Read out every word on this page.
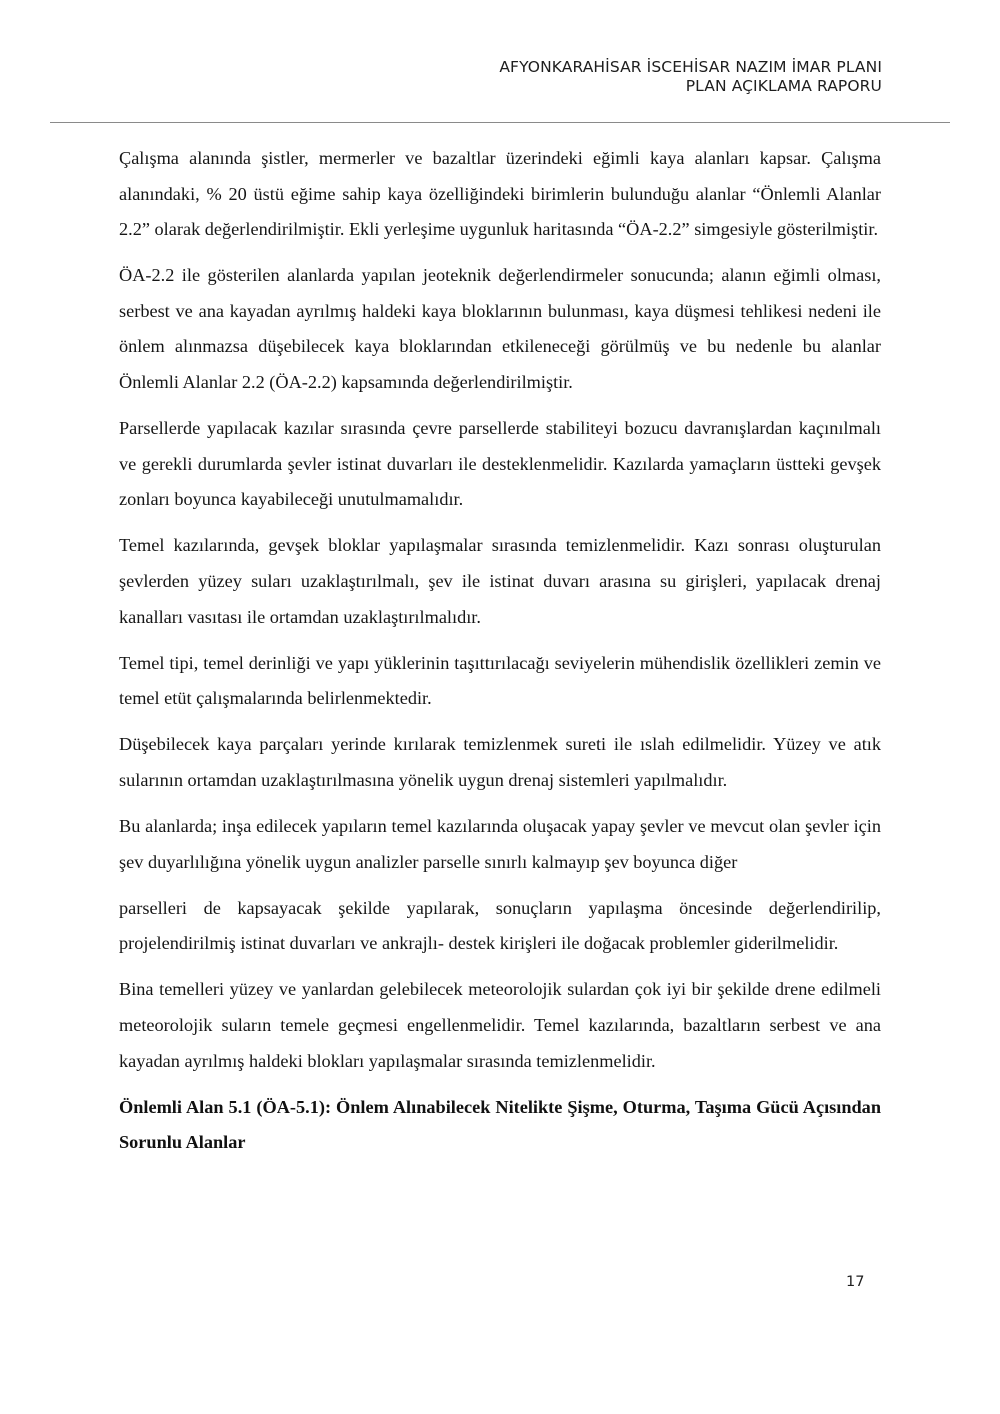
AFYONKARAHİSAR İSCEHİSAR NAZIM İMAR PLANI
PLAN AÇIKLAMA RAPORU

Çalışma alanında şistler, mermerler ve bazaltlar üzerindeki eğimli kaya alanları kapsar. Çalışma alanındaki, % 20 üstü eğime sahip kaya özelliğindeki birimlerin bulunduğu alanlar “Önlemli Alanlar 2.2” olarak değerlendirilmiştir. Ekli yerleşime uygunluk haritasında “ÖA-2.2” simgesiyle gösterilmiştir.

ÖA-2.2 ile gösterilen alanlarda yapılan jeoteknik değerlendirmeler sonucunda; alanın eğimli olması, serbest ve ana kayadan ayrılmış haldeki kaya bloklarının bulunması, kaya düşmesi tehlikesi nedeni ile önlem alınmazsa düşebilecek kaya bloklarından etkileneceği görülmüş ve bu nedenle bu alanlar Önlemli Alanlar 2.2 (ÖA-2.2) kapsamında değerlendirilmiştir.

Parsellerde yapılacak kazılar sırasında çevre parsellerde stabiliteyi bozucu davranışlardan kaçınılmalı ve gerekli durumlarda şevler istinat duvarları ile desteklenmelidir. Kazılarda yamaçların üstteki gevşek zonları boyunca kayabileceği unutulmamalıdır.

Temel kazılarında, gevşek bloklar yapılaşmalar sırasında temizlenmelidir. Kazı sonrası oluşturulan şevlerden yüzey suları uzaklaştırılmalı, şev ile istinat duvarı arasına su girişleri, yapılacak drenaj kanalları vasıtası ile ortamdan uzaklaştırılmalıdır.

Temel tipi, temel derinliği ve yapı yüklerinin taşıttırılacağı seviyelerin mühendislik özellikleri zemin ve temel etüt çalışmalarında belirlenmektedir.

Düşebilecek kaya parçaları yerinde kırılarak temizlenmek sureti ile ıslah edilmelidir. Yüzey ve atık sularının ortamdan uzaklaştırılmasına yönelik uygun drenaj sistemleri yapılmalıdır.

Bu alanlarda; inşa edilecek yapıların temel kazılarında oluşacak yapay şevler ve mevcut olan şevler için şev duyarlılığına yönelik uygun analizler parselle sınırlı kalmayıp şev boyunca diğer

parselleri de kapsayacak şekilde yapılarak, sonuçların yapılaşma öncesinde değerlendirilip, projelendirilmiş istinat duvarları ve ankrajlı- destek kirişleri ile doğacak problemler giderilmelidir.

Bina temelleri yüzey ve yanlardan gelebilecek meteorolojik sulardan çok iyi bir şekilde drene edilmeli meteorolojik suların temele geçmesi engellenmelidir. Temel kazılarında, bazaltların serbest ve ana kayadan ayrılmış haldeki blokları yapılaşmalar sırasında temizlenmelidir.

Önlemli Alan 5.1 (ÖA-5.1): Önlem Alınabilecek Nitelikte Şişme, Oturma, Taşıma Gücü Açısından Sorunlu Alanlar
17
